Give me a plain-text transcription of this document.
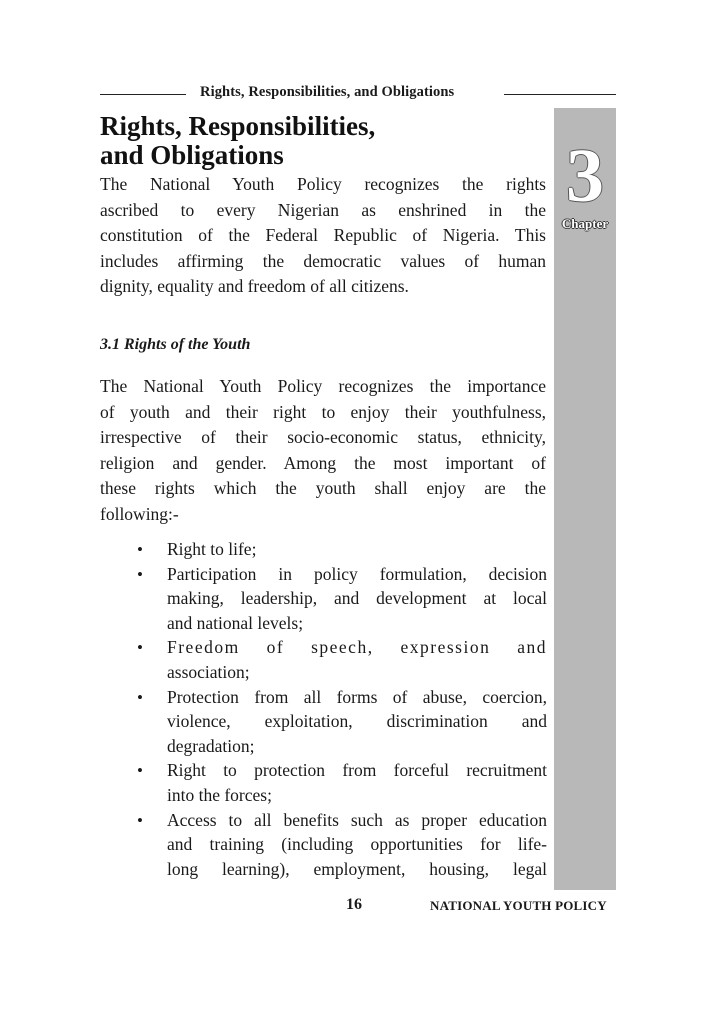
Rights, Responsibilities, and Obligations
3
Chapter
Rights, Responsibilities,
and Obligations
The National Youth Policy recognizes the rights
ascribed to every Nigerian as enshrined in the
constitution of the Federal Republic of Nigeria. This
includes affirming the democratic values of human
dignity, equality and freedom of all citizens.
3.1 Rights of the Youth
The National Youth Policy recognizes the importance
of youth and their right to enjoy their youthfulness,
irrespective of their socio-economic status, ethnicity,
religion and gender. Among the most important of
these rights which the youth shall enjoy are the
following:-
• Right to life;
• Participation in policy formulation, decision
making, leadership, and development at local
and national levels;
• Freedom of speech, expression and
association;
• Protection from all forms of abuse, coercion,
violence, exploitation, discrimination and
degradation;
• Right to protection from forceful recruitment
into the forces;
• Access to all benefits such as proper education
and training (including opportunities for life-
long learning), employment, housing, legal
16	NATIONAL YOUTH POLICY
